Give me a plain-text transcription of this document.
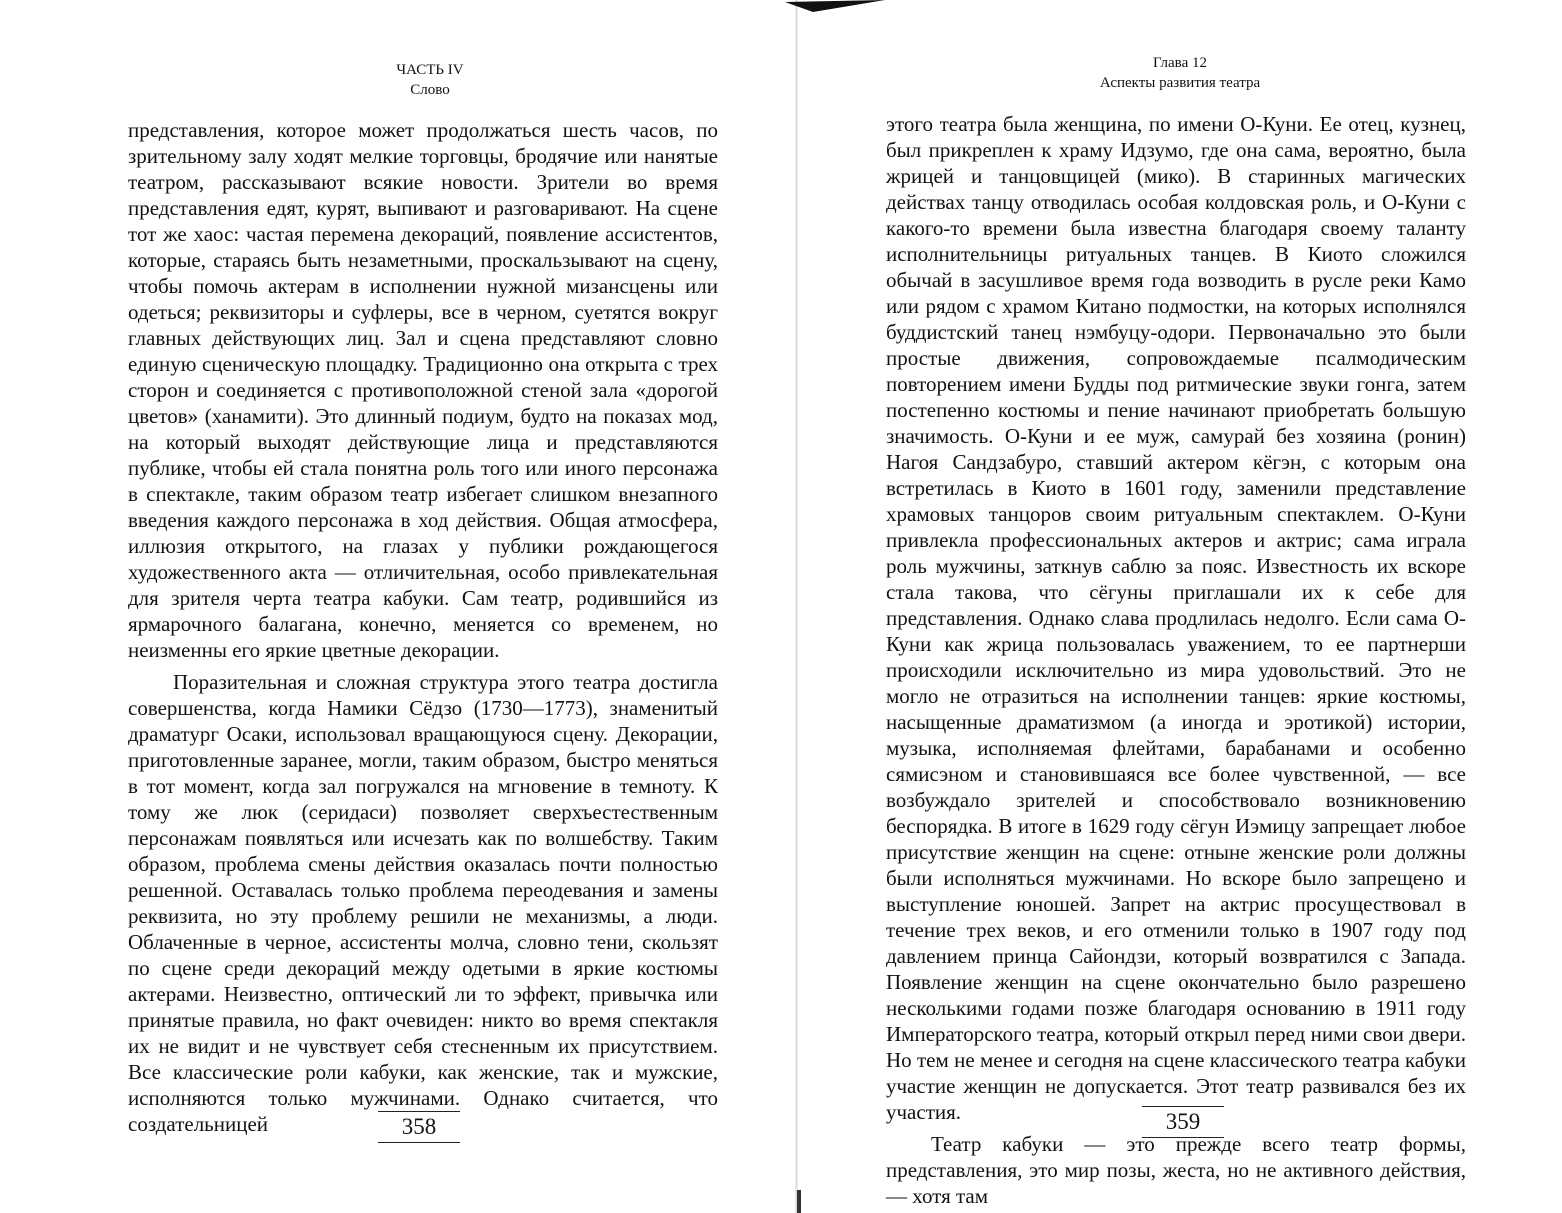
ЧАСТЬ IV
Слово

представления, которое может продолжаться шесть часов, по зрительному залу ходят мелкие торговцы, бродячие или нанятые театром, рассказывают всякие новости. Зрители во время представления едят, курят, выпивают и разговаривают. На сцене тот же хаос: частая перемена декораций, появление ассистентов, которые, стараясь быть незаметными, проскальзывают на сцену, чтобы помочь актерам в исполнении нужной мизансцены или одеться; реквизиторы и суфлеры, все в черном, суетятся вокруг главных действующих лиц. Зал и сцена представляют словно единую сценическую площадку. Традиционно она открыта с трех сторон и соединяется с противоположной стеной зала «дорогой цветов» (ханамити). Это длинный подиум, будто на показах мод, на который выходят действующие лица и представляются публике, чтобы ей стала понятна роль того или иного персонажа в спектакле, таким образом театр избегает слишком внезапного введения каждого персонажа в ход действия. Общая атмосфера, иллюзия открытого, на глазах у публики рождающегося художественного акта — отличительная, особо привлекательная для зрителя черта театра кабуки. Сам театр, родившийся из ярмарочного балагана, конечно, меняется со временем, но неизменны его яркие цветные декорации.

Поразительная и сложная структура этого театра достигла совершенства, когда Намики Сёдзо (1730—1773), знаменитый драматург Осаки, использовал вращающуюся сцену. Декорации, приготовленные заранее, могли, таким образом, быстро меняться в тот момент, когда зал погружался на мгновение в темноту. К тому же люк (серидаси) позволяет сверхъестественным персонажам появляться или исчезать как по волшебству. Таким образом, проблема смены действия оказалась почти полностью решенной. Оставалась только проблема переодевания и замены реквизита, но эту проблему решили не механизмы, а люди. Облаченные в черное, ассистенты молча, словно тени, скользят по сцене среди декораций между одетыми в яркие костюмы актерами. Неизвестно, оптический ли то эффект, привычка или принятые правила, но факт очевиден: никто во время спектакля их не видит и не чувствует себя стесненным их присутствием. Все классические роли кабуки, как женские, так и мужские, исполняются только мужчинами. Однако считается, что создательницей	358
Глава 12
Аспекты развития театра

этого театра была женщина, по имени О-Куни. Ее отец, кузнец, был прикреплен к храму Идзумо, где она сама, вероятно, была жрицей и танцовщицей (мико). В старинных магических действах танцу отводилась особая колдовская роль, и О-Куни с какого-то времени была известна благодаря своему таланту исполнительницы ритуальных танцев. В Киото сложился обычай в засушливое время года возводить в русле реки Камо или рядом с храмом Китано подмостки, на которых исполнялся буддистский танец нэмбуцу-одори. Первоначально это были простые движения, сопровождаемые псалмодическим повторением имени Будды под ритмические звуки гонга, затем постепенно костюмы и пение начинают приобретать большую значимость. О-Куни и ее муж, самурай без хозяина (ронин) Нагоя Сандзабуро, ставший актером кёгэн, с которым она встретилась в Киото в 1601 году, заменили представление храмовых танцоров своим ритуальным спектаклем. О-Куни привлекла профессиональных актеров и актрис; сама играла роль мужчины, заткнув саблю за пояс. Известность их вскоре стала такова, что сёгуны приглашали их к себе для представления. Однако слава продлилась недолго. Если сама О-Куни как жрица пользовалась уважением, то ее партнерши происходили исключительно из мира удовольствий. Это не могло не отразиться на исполнении танцев: яркие костюмы, насыщенные драматизмом (а иногда и эротикой) истории, музыка, исполняемая флейтами, барабанами и особенно сямисэном и становившаяся все более чувственной, — все возбуждало зрителей и способствовало возникновению беспорядка. В итоге в 1629 году сёгун Иэмицу запрещает любое присутствие женщин на сцене: отныне женские роли должны были исполняться мужчинами. Но вскоре было запрещено и выступление юношей. Запрет на актрис просуществовал в течение трех веков, и его отменили только в 1907 году под давлением принца Сайондзи, который возвратился с Запада. Появление женщин на сцене окончательно было разрешено несколькими годами позже благодаря основанию в 1911 году Императорского театра, который открыл перед ними свои двери. Но тем не менее и сегодня на сцене классического театра кабуки участие женщин не допускается. Этот театр развивался без их участия.

Театр кабуки — это прежде всего театр формы, представления, это мир позы, жеста, но не активного действия, — хотя там

359
